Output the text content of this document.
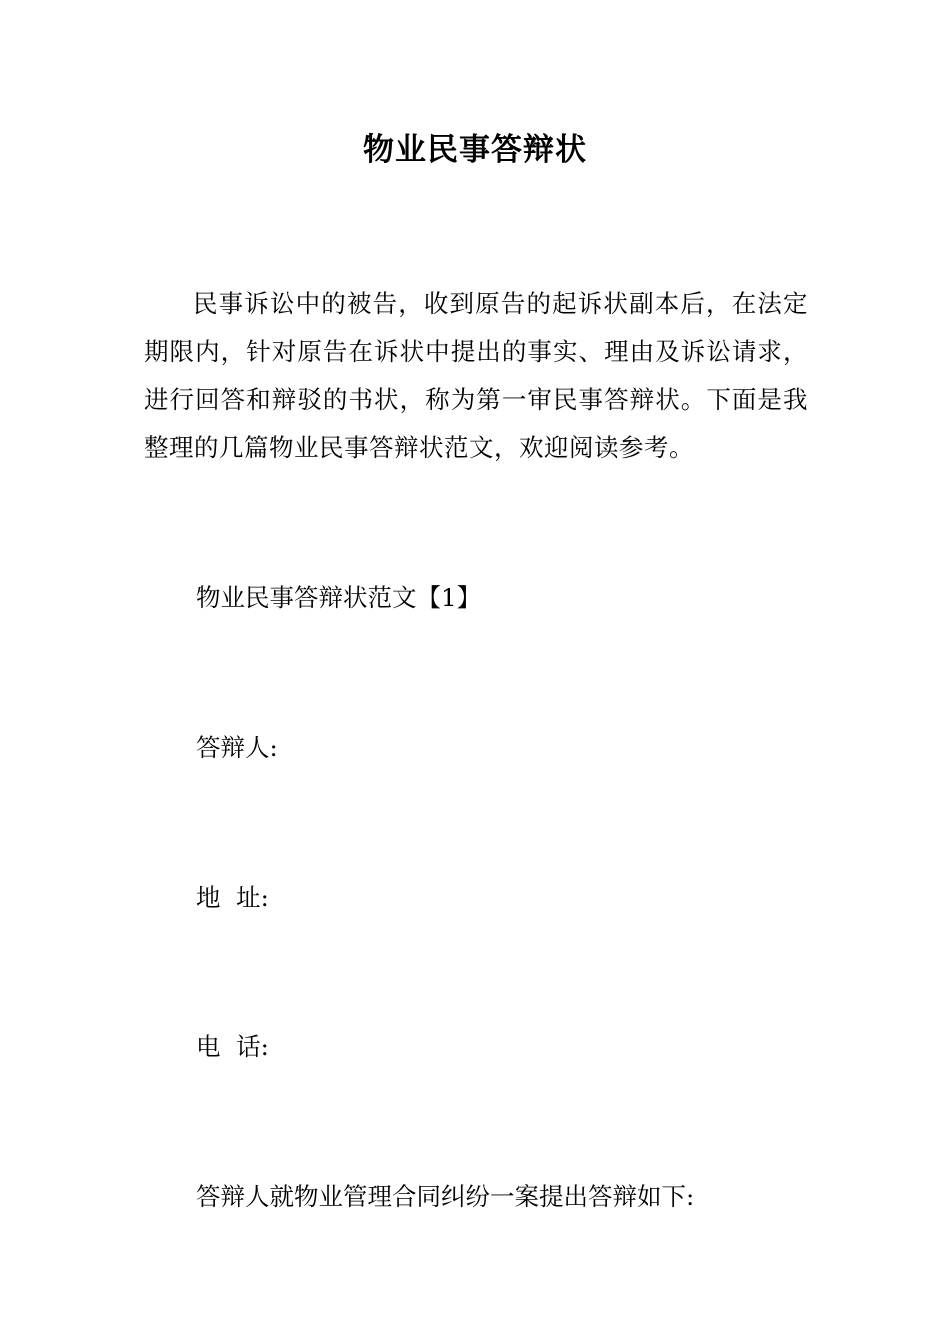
物业民事答辩状

民事诉讼中的被告，收到原告的起诉状副本后，在法定期限内，针对原告在诉状中提出的事实、理由及诉讼请求，进行回答和辩驳的书状，称为第一审民事答辩状。下面是我整理的几篇物业民事答辩状范文，欢迎阅读参考。

物业民事答辩状范文【1】

答辩人:

地  址:

电  话:

答辩人就物业管理合同纠纷一案提出答辩如下:
